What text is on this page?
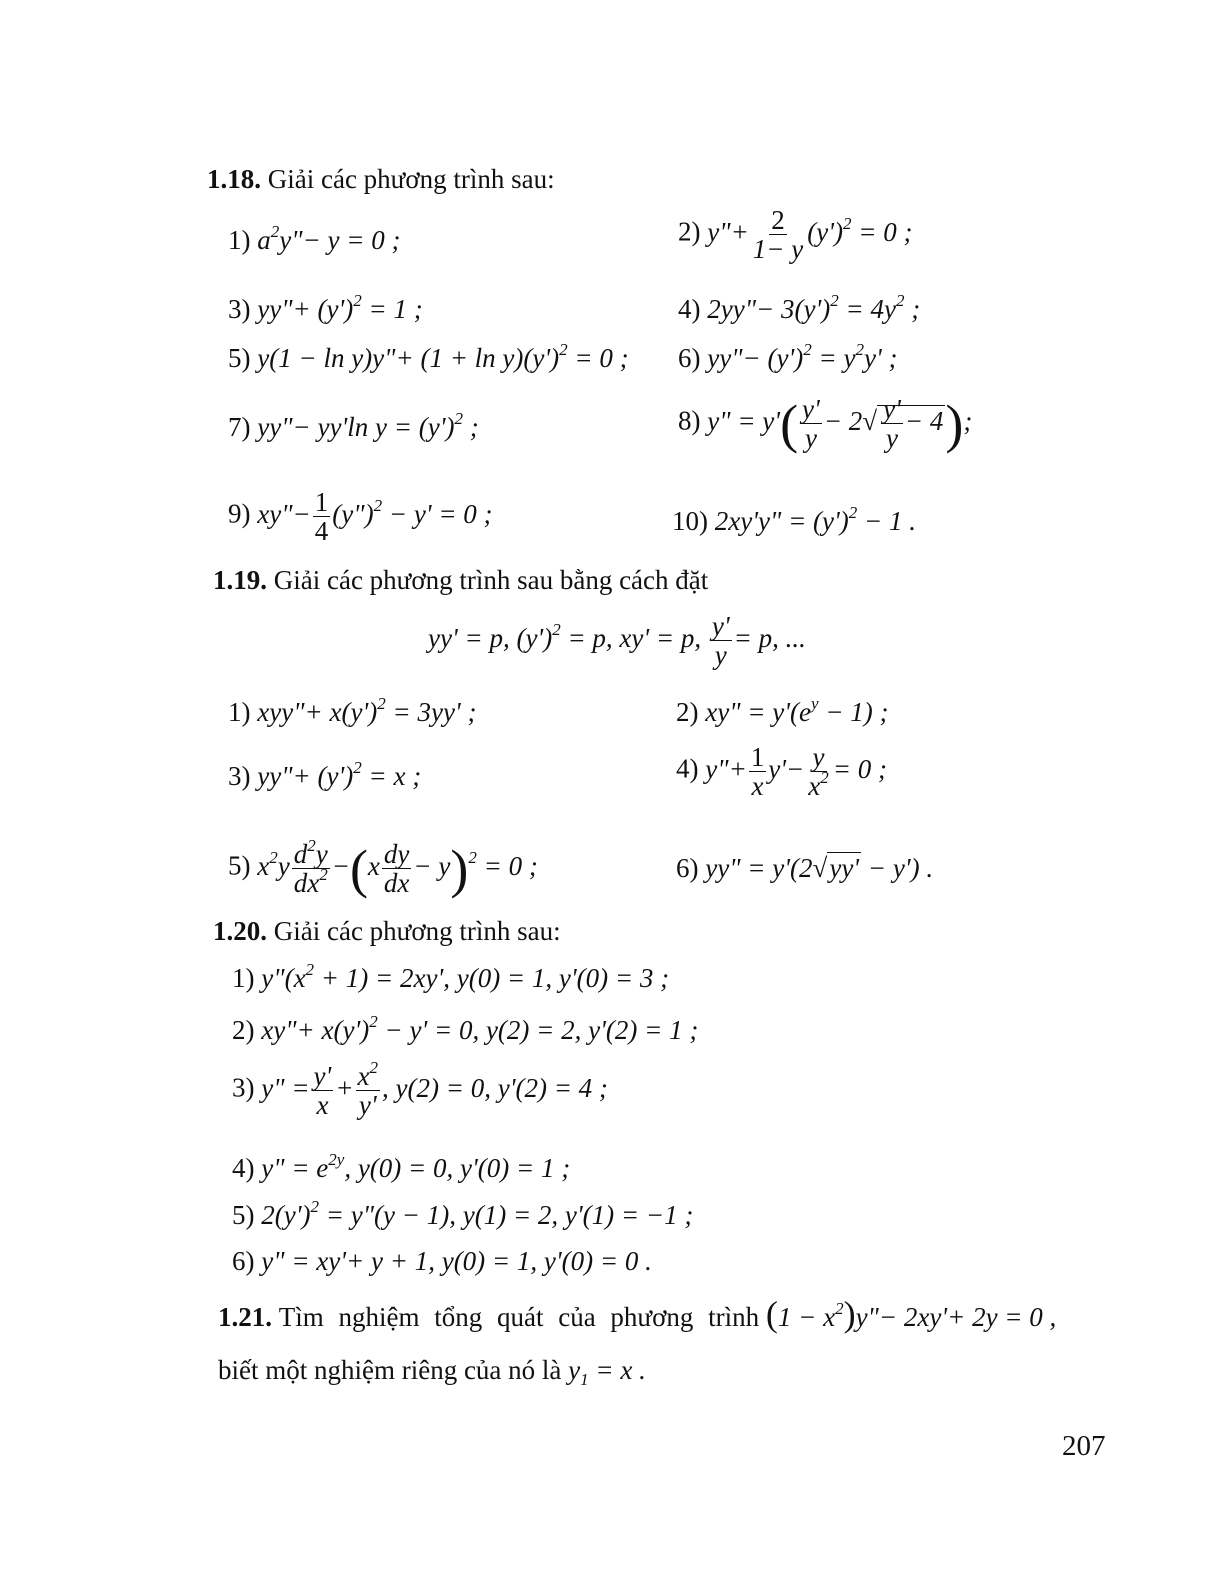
1.18. Giải các phương trình sau:
1) $a^2y"- y = 0$ ;	2) y"+ $\frac{2}{1- y} (y')^2 = 0$ ;
3) yy"+ $(y')^2 = 1$ ;	4) 2yy"− $3(y')^2 = 4y^2$ ;
5) y(1 − ln y)y"+ $(1 + \ln y)(y')^2 = 0$ ; 6) yy"− $(y')^2 = y^2y'$ ;
7) yy"− yy'ln $y = (y')^2$ ;	8) y" = $y'( \frac{y'}{y} - 2√ \frac{y'}{y} - 4)$;
9) xy"− $\frac{1}{4}$ (y")$^2$ − y' = 0 ;	10) 2xy'y" = $(y')^2 - 1$ .
1.19. Giải các phương trình sau bằng cách đặt
yy' = p, $(y')^2 = p$, xy' = p, $\frac{y'}{y} = p$, ...
1) xyy"+ $x(y')^2 = 3yy'$ ;	2) xy" = $y'(e^y - 1)$ ;
3) yy"+ $(y')^2 = x$ ;	4) y"+ $\frac{1}{x} y'- \frac{y}{x^2} = 0$ ;
5) $x^2y \frac{d^2y}{dx^2} -(x \frac{dy}{dx} - y)^2 = 0$ ;	6) yy" = y'(2√yy' − y') .
1.20. Giải các phương trình sau:
1) $y"(x^2 + 1) = 2xy'$, y(0) = 1, y'(0) = 3 ;
2) xy"+ $x(y')^2 - y' = 0$, y(2) = 2, y'(2) = 1 ;
3) y" = $\frac{y'}{x} + \frac{x^2}{y'}$ , y(2) = 0, y'(2) = 4 ;
4) y" = $e^{2y}$, y(0) = 0, y'(0) = 1 ;
5) $2(y')^2$ = y"(y − 1), y(1) = 2, y'(1) = −1 ;
6) y" = xy'+ y + 1, y(0) = 1, y'(0) = 0 .
1.21. Tìm nghiệm tổng quát của phương trình $(1 - x^2)y"- 2xy'+ 2y = 0$ ,
biết một nghiệm riêng của nó là $y_1 = x$ .
207
